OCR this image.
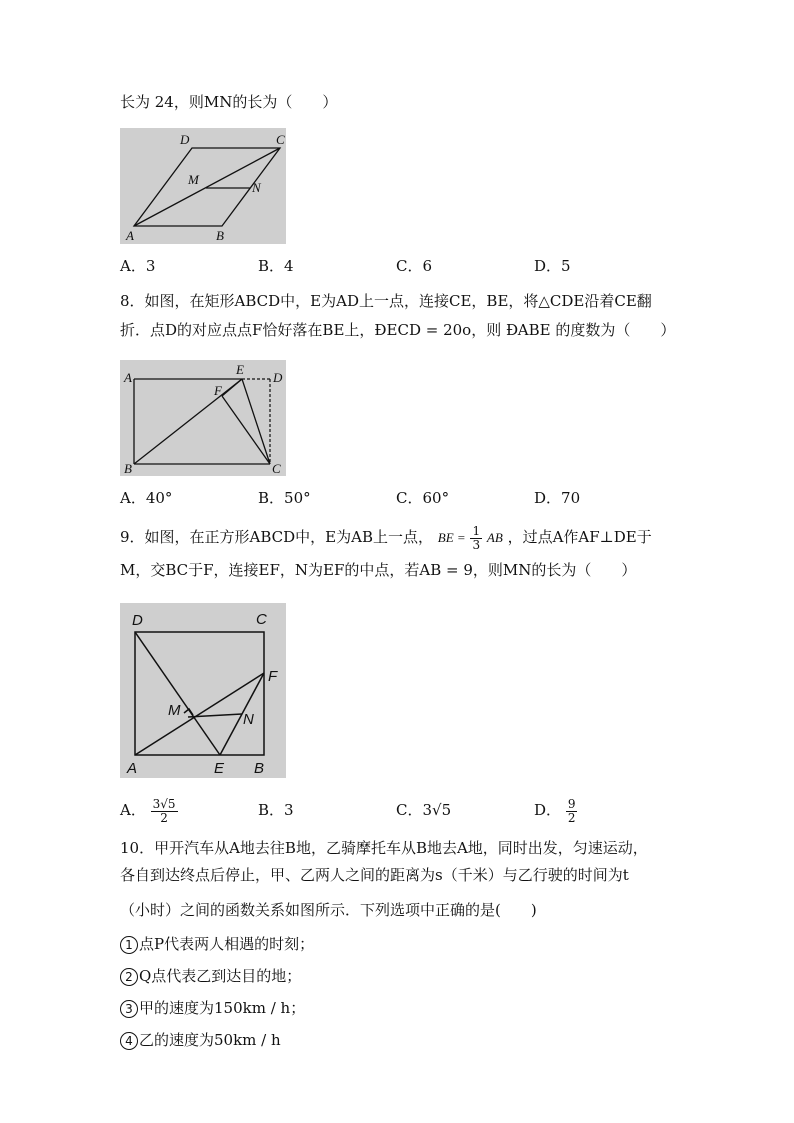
长为 24，则MN的长为（　　）
D	C
M
N
A	B
A．3	B．4	C．6	D．5
8．如图，在矩形ABCD中，E为AD上一点，连接CE，BE，将△CDE沿着CE翻
折．点D的对应点点F恰好落在BE上，ÐECD = 20o，则 ÐABE 的度数为（　　）
A
E
D
F
B	C
A．40°	B．50°	C．60°	D．70
9．如图，在正方形ABCD中，E为AB上一点， BE = $\frac{1}{3}$ AB ，过点A作AF⊥DE于
M，交BC于F，连接EF，N为EF的中点，若AB = 9，则MN的长为（　　）
D	C
F
M
N
A	E B
A． $\frac{3√5}{2}$	B．3	C．3√5	D． $\frac{9}{2}$
10．甲开汽车从A地去往B地，乙骑摩托车从B地去A地，同时出发，匀速运动，
各自到达终点后停止，甲、乙两人之间的距离为s（千米）与乙行驶的时间为t
（小时）之间的函数关系如图所示．下列选项中正确的是(　　)
1 点P代表两人相遇的时刻；
2 Q点代表乙到达目的地；
3 甲的速度为150km / h；
4 乙的速度为50km / h
